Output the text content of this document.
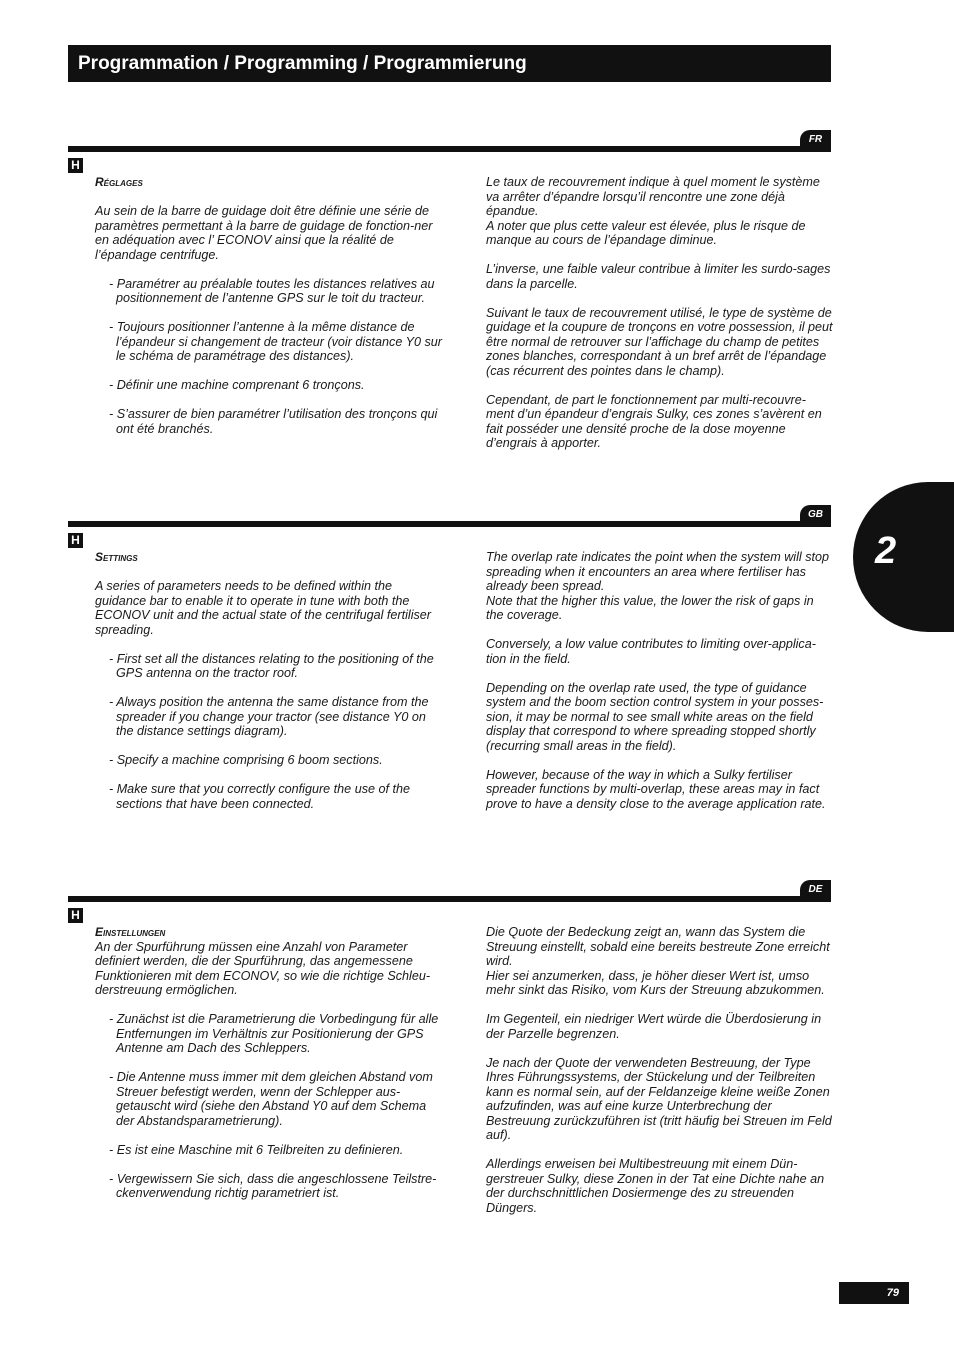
Programmation / Programming / Programmierung
FR
H
Réglages

Au sein de la barre de guidage doit être définie une série de paramètres permettant à la barre de guidage de fonction-ner en adéquation avec l’ ECONOV ainsi que la réalité de l’épandage centrifuge.

- Paramétrer au préalable toutes les distances relatives au positionnement de l’antenne GPS sur le toit du tracteur.

- Toujours positionner l’antenne à la même distance de l’épandeur si changement de tracteur (voir distance Y0 sur le schéma de paramétrage des distances).

- Définir une machine comprenant 6 tronçons.

- S’assurer de bien paramétrer l’utilisation des tronçons qui ont été branchés.

Le taux de recouvrement indique à quel moment le système va arrêter d’épandre lorsqu’il rencontre une zone déjà épandue.

A noter que plus cette valeur est élevée, plus le risque de manque au cours de l’épandage diminue.

L’inverse, une faible valeur contribue à limiter les surdo-sages dans la parcelle.

Suivant le taux de recouvrement utilisé, le type de système de guidage et la coupure de tronçons en votre possession, il peut être normal de retrouver sur l’affichage du champ de petites zones blanches, correspondant à un bref arrêt de l’épandage (cas récurrent des pointes dans le champ).

Cependant, de part le fonctionnement par multi-recouvre-ment d’un épandeur d’engrais Sulky, ces zones s’avèrent en fait posséder une densité proche de la dose moyenne d’engrais à apporter.

GB
H
Settings

A series of parameters needs to be defined within the guidance bar to enable it to operate in tune with both the ECONOV unit and the actual state of the centrifugal fertiliser spreading.

- First set all the distances relating to the positioning of the GPS antenna on the tractor roof.

- Always position the antenna the same distance from the spreader if you change your tractor (see distance Y0 on the distance settings diagram).

- Specify a machine comprising 6 boom sections.

- Make sure that you correctly configure the use of the sections that have been connected.

The overlap rate indicates the point when the system will stop spreading when it encounters an area where fertiliser has already been spread.

Note that the higher this value, the lower the risk of gaps in the coverage.

Conversely, a low value contributes to limiting over-applica-tion in the field.

Depending on the overlap rate used, the type of guidance system and the boom section control system in your posses-sion, it may be normal to see small white areas on the field display that correspond to where spreading stopped shortly (recurring small areas in the field).

However, because of the way in which a Sulky fertiliser spreader functions by multi-overlap, these areas may in fact prove to have a density close to the average application rate.

DE
H
Einstellungen

An der Spurführung müssen eine Anzahl von Parameter definiert werden, die der Spurführung, das angemessene Funktionieren mit dem ECONOV, so wie die richtige Schleu-derstreuung ermöglichen.

- Zunächst ist die Parametrierung die Vorbedingung für alle Entfernungen im Verhältnis zur Positionierung der GPS Antenne am Dach des Schleppers.

- Die Antenne muss immer mit dem gleichen Abstand vom Streuer befestigt werden, wenn der Schlepper aus-getauscht wird (siehe den Abstand Y0 auf dem Schema der Abstandsparametrierung).

- Es ist eine Maschine mit 6 Teilbreiten zu definieren.

- Vergewissern Sie sich, dass die angeschlossene Teilstre-ckenverwendung richtig parametriert ist.

Die Quote der Bedeckung zeigt an, wann das System die Streuung einstellt, sobald eine bereits bestreute Zone erreicht wird.

Hier sei anzumerken, dass, je höher dieser Wert ist, umso mehr sinkt das Risiko, vom Kurs der Streuung abzukommen.

Im Gegenteil, ein niedriger Wert würde die Überdosierung in der Parzelle begrenzen.

Je nach der Quote der verwendeten Bestreuung, der Type Ihres Führungssystems, der Stückelung und der Teilbreiten kann es normal sein, auf der Feldanzeige kleine weiße Zonen aufzufinden, was auf eine kurze Unterbrechung der Bestreuung zurückzuführen ist (tritt häufig bei Streuen im Feld auf).

Allerdings erweisen bei Multibestreuung mit einem Dün-gerstreuer Sulky, diese Zonen in der Tat eine Dichte nahe an der durchschnittlichen Dosiermenge des zu streuenden Düngers.

2
79
